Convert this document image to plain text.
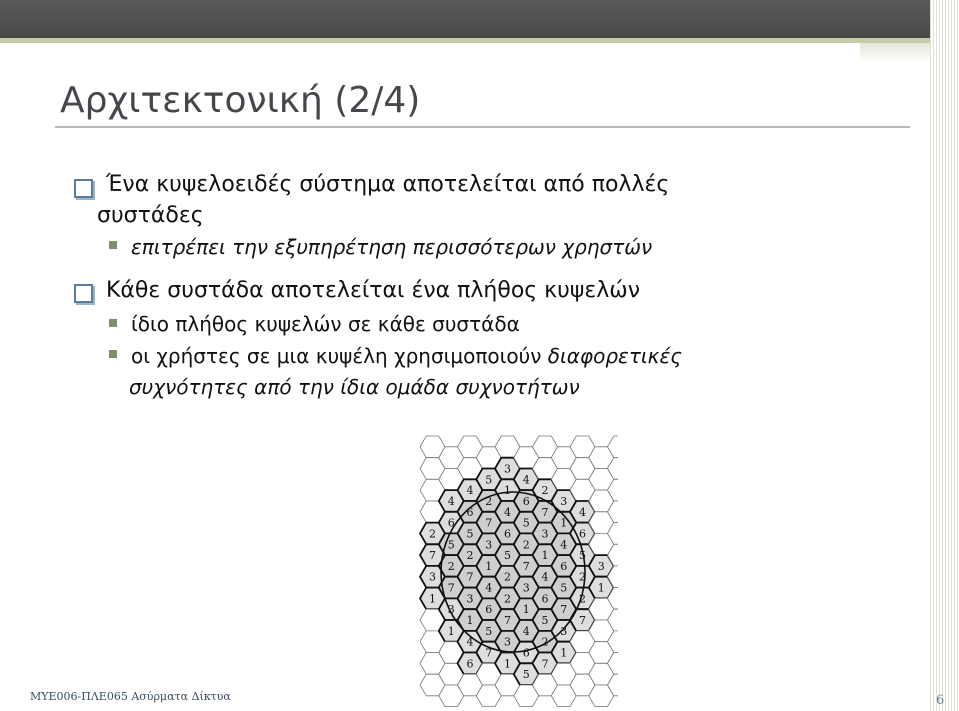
Αρχιτεκτονική (2/4)
Ένα κυψελοειδές σύστημα αποτελείται από πολλές
συστάδες
επιτρέπει την εξυπηρέτηση περισσότερων χρηστών
Κάθε συστάδα αποτελείται ένα πλήθος κυψελών
ίδιο πλήθος κυψελών σε κάθε συστάδα
οι χρήστες σε μια κυψέλη χρησιμοποιούν διαφορετικές
συχνότητες από την ίδια ομάδα συχνοτήτων
2
7
3
1
4
6
5
2
7
3
1
4
6
5
2
7
3
1
4
6
5
2
7
3
1
4
6
5
7
3
1
4
6
5
2
2
7
3
1
4
6
5
2
7
3
1
4
6
5
2
7
3
1
4
6
5
2
7
3
1
4
6
5
7
3
1
4
6
5
2
2
7
3
1
ΜΥΕ006-ΠΛΕ065 Ασύρματα Δίκτυα	6
